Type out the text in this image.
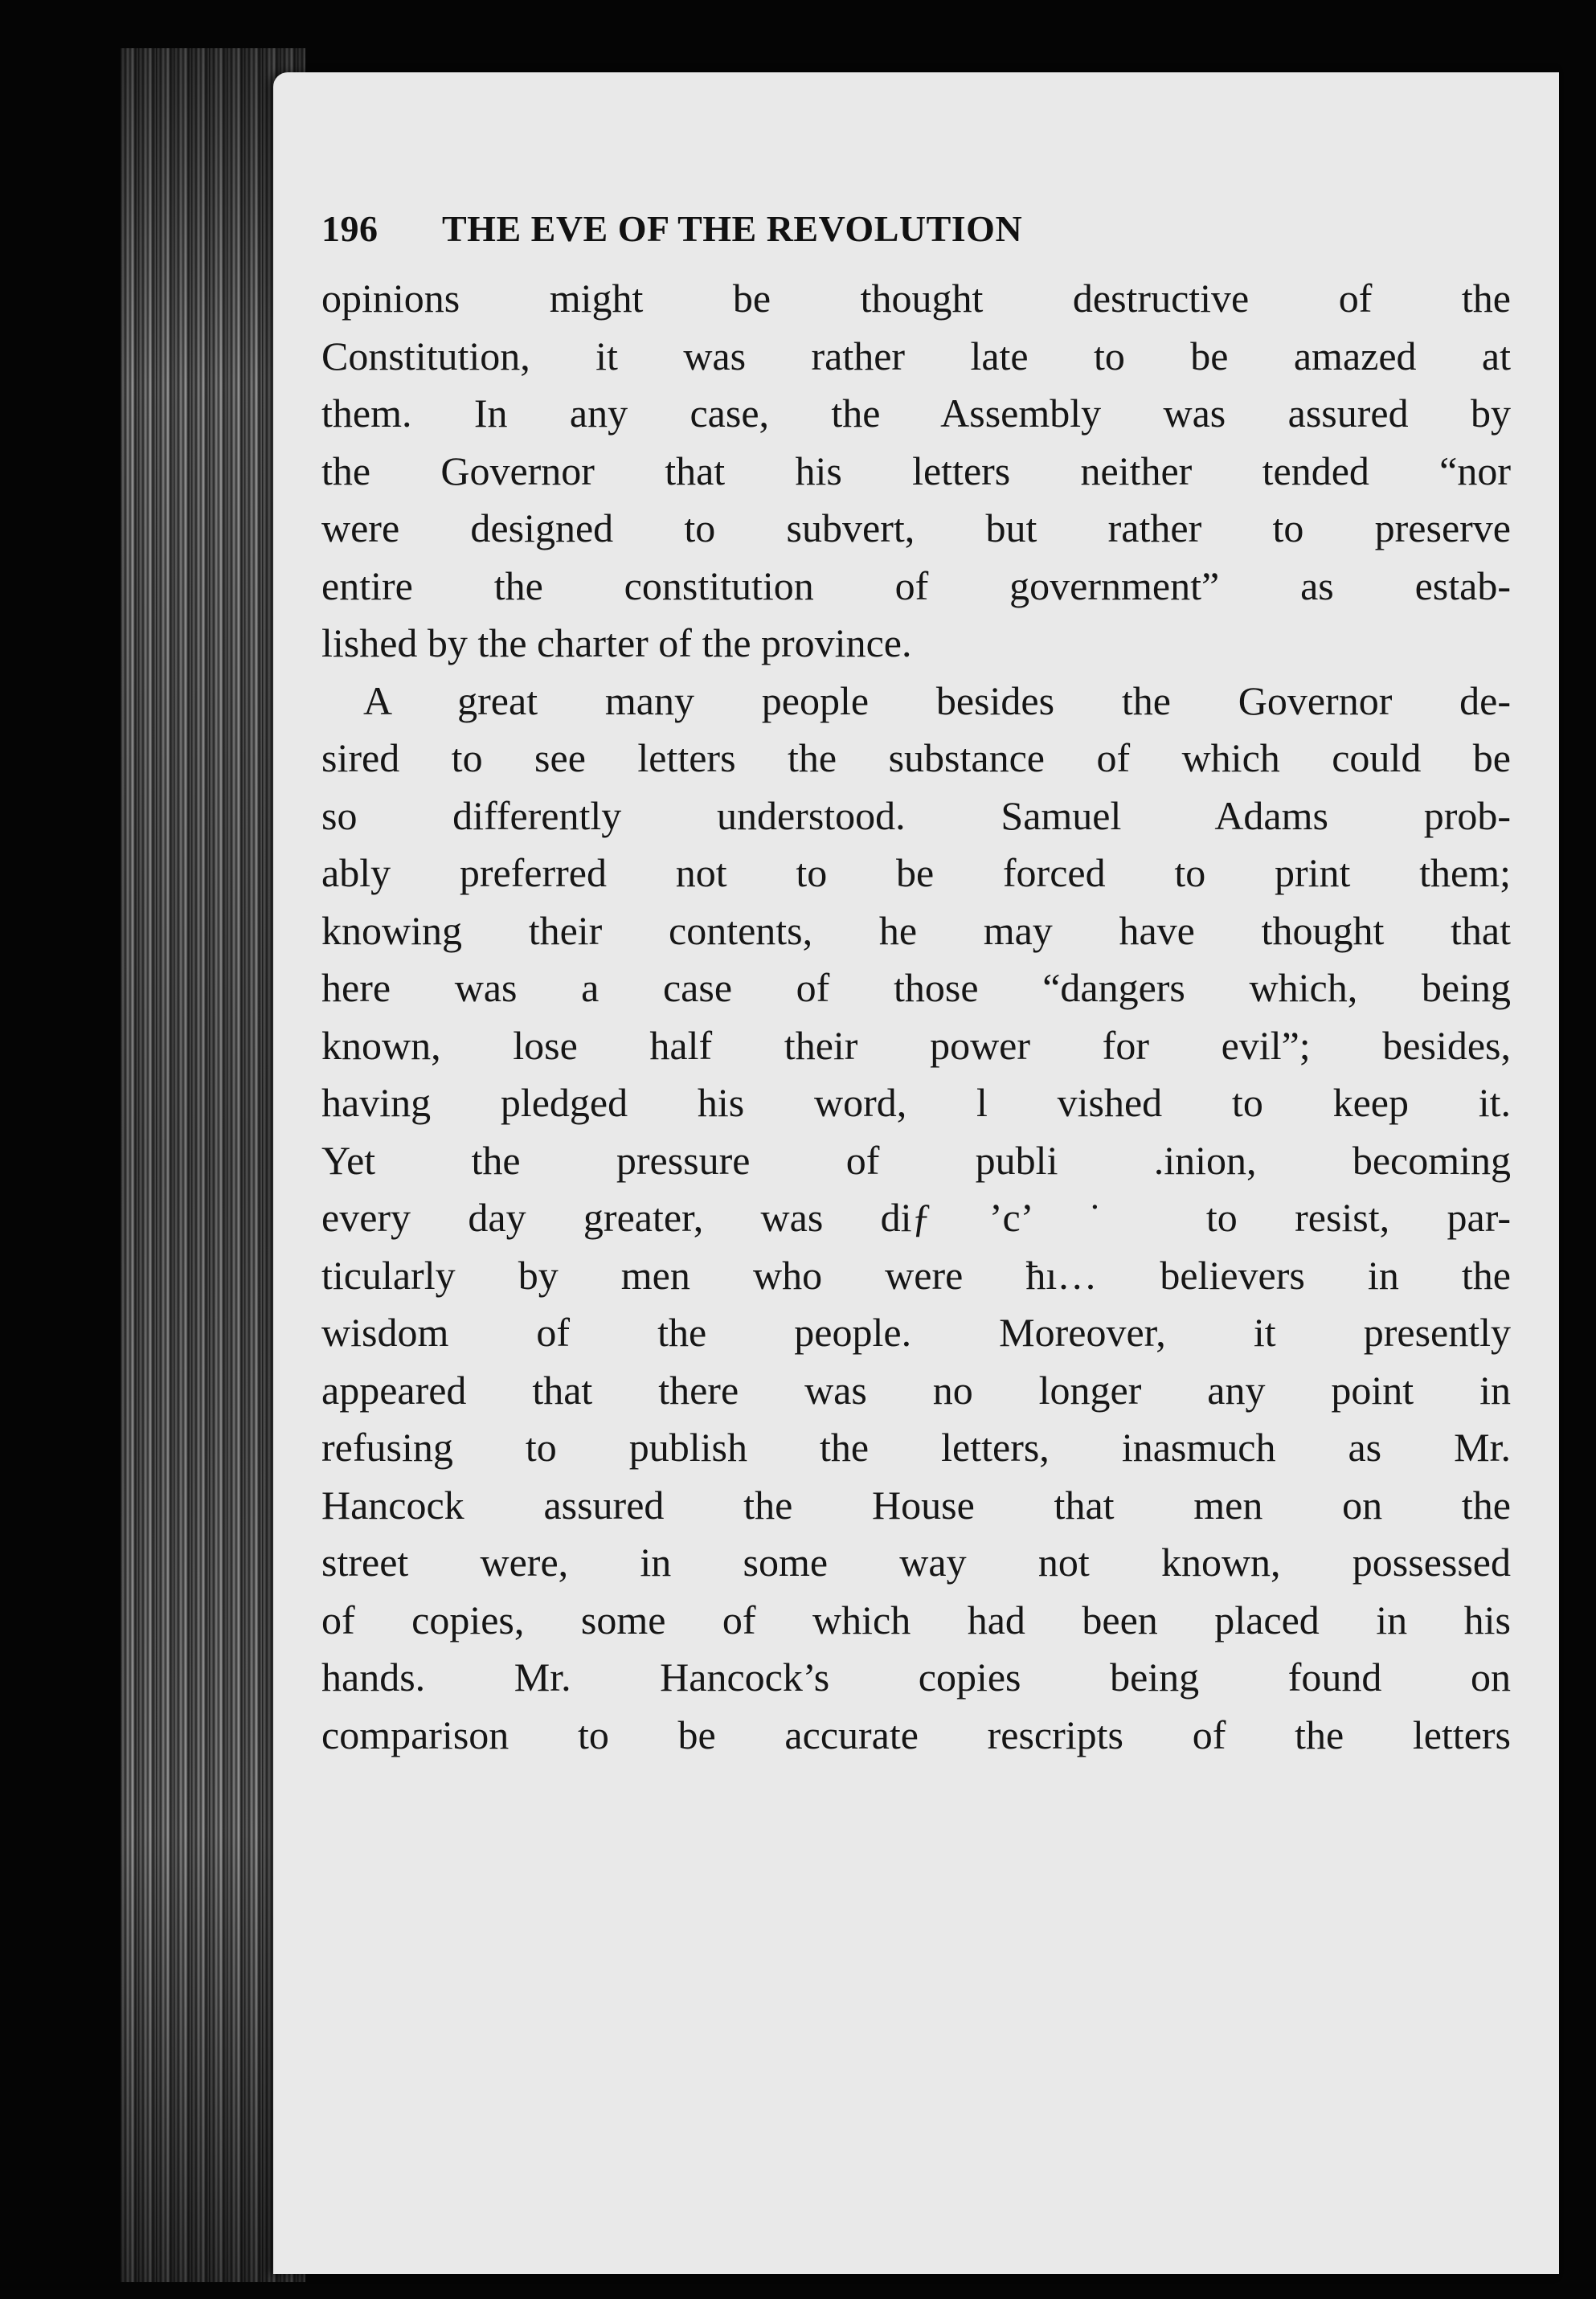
196 THE EVE OF THE REVOLUTION
opinions might be thought destructive of the
Constitution, it was rather late to be amazed at
them. In any case, the Assembly was assured by
the Governor that his letters neither tended “nor
were designed to subvert, but rather to preserve
entire the constitution of government” as estab-
lished by the charter of the province.
A great many people besides the Governor de-
sired to see letters the substance of which could be
so differently understood. Samuel Adams prob-
ably preferred not to be forced to print them;
knowing their contents, he may have thought that
here was a case of those “dangers which, being
known, lose half their power for evil”; besides,
having pledged his word, l vished to keep it.
Yet the pressure of publi .inion, becoming
every day greater, was diƒ ’c’ ˙ to resist, par-
ticularly by men who were ħı… believers in the
wisdom of the people. Moreover, it presently
appeared that there was no longer any point in
refusing to publish the letters, inasmuch as Mr.
Hancock assured the House that men on the
street were, in some way not known, possessed
of copies, some of which had been placed in his
hands. Mr. Hancock’s copies being found on
comparison to be accurate rescripts of the letters
